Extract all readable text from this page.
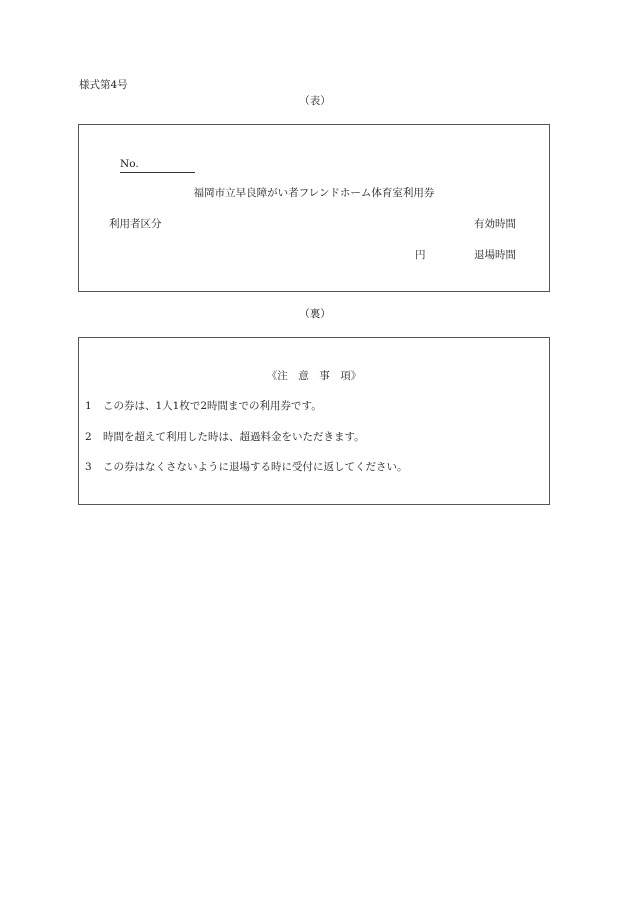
様式第4号
（表）
No.
福岡市立早良障がい者フレンドホーム体育室利用券
利用者区分	有効時間
円	退場時間
（裏）
《注　意　事　項》
1 この券は、1人1枚で2時間までの利用券です。
2 時間を超えて利用した時は、超過料金をいただきます。
3 この券はなくさないように退場する時に受付に返してください。
